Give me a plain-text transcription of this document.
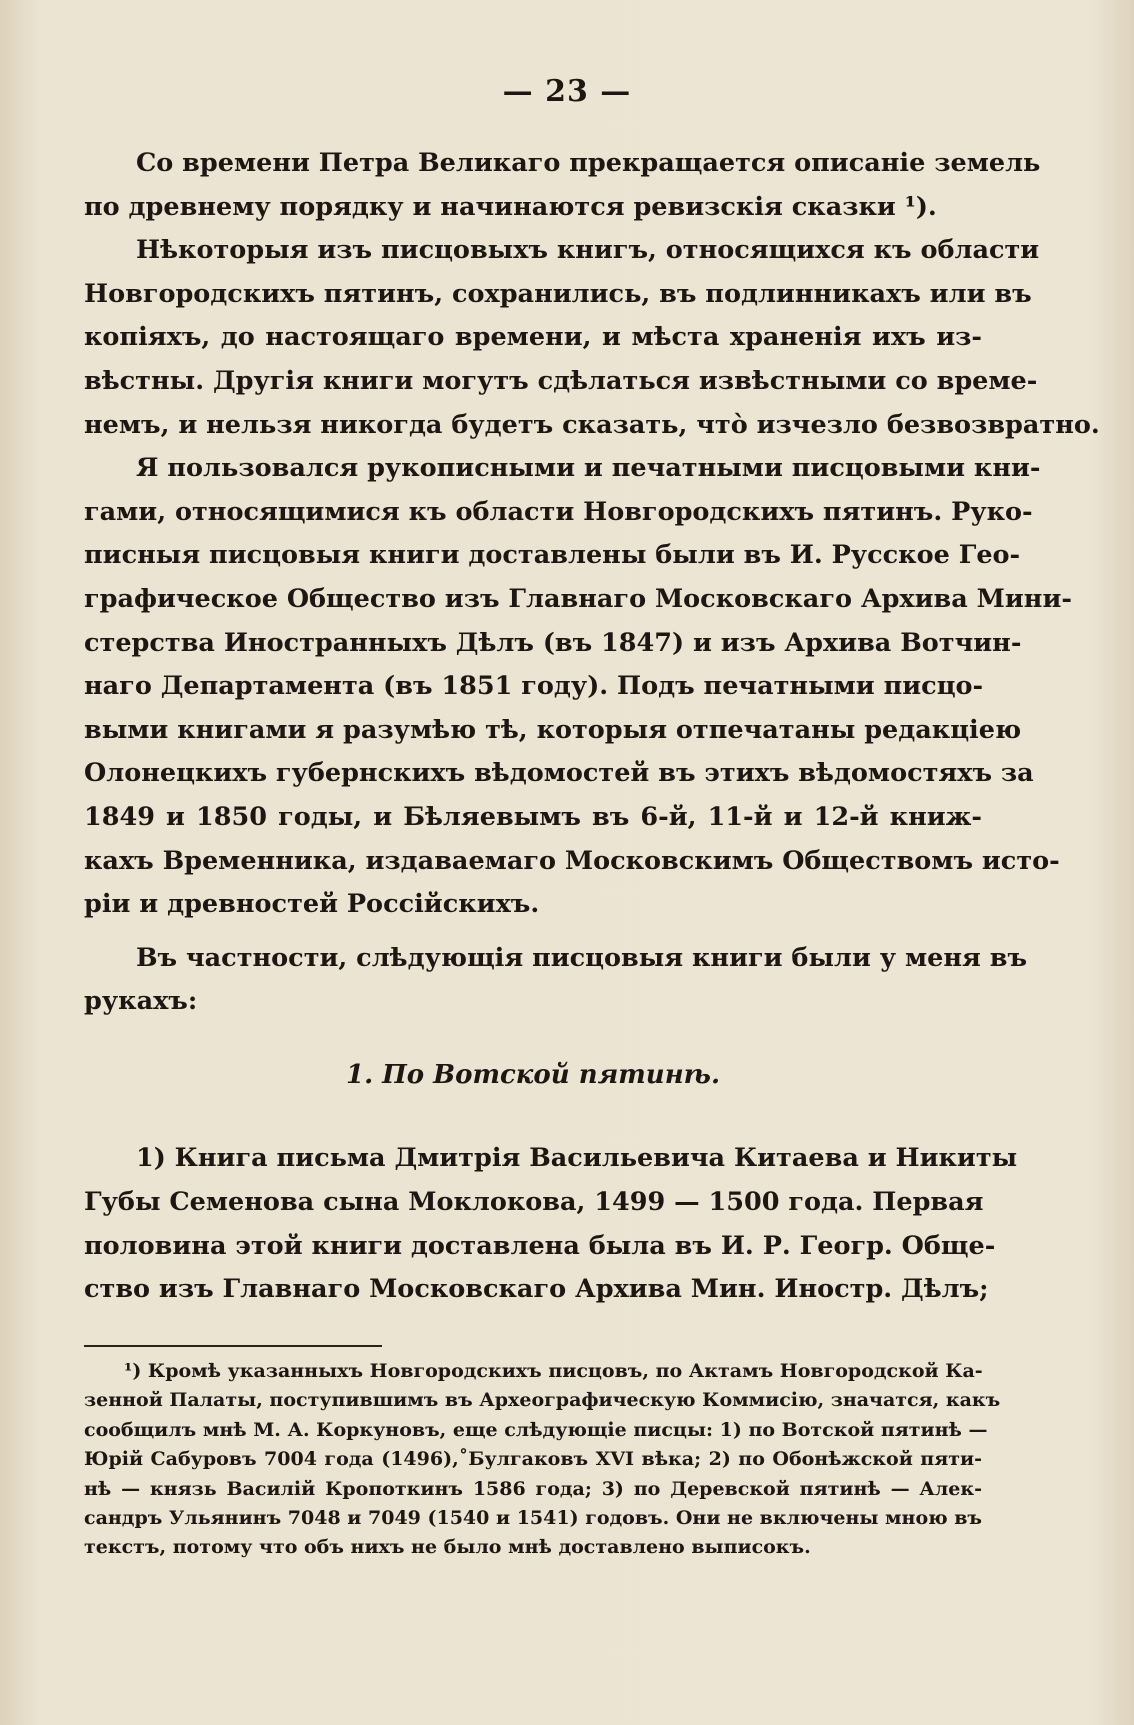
— 23 —
Со времени Петра Великаго прекращается описаніе земель
по древнему порядку и начинаются ревизскія сказки ¹).
Нѣкоторыя изъ писцовыхъ книгъ, относящихся къ области
Новгородскихъ пятинъ, сохранились, въ подлинникахъ или въ
копіяхъ, до настоящаго времени, и мѣста храненія ихъ из-
вѣстны. Другія книги могутъ сдѣлаться извѣстными со време-
немъ, и нельзя никогда будетъ сказать, что̀ изчезло безвозвратно.
Я пользовался рукописными и печатными писцовыми кни-
гами, относящимися къ области Новгородскихъ пятинъ. Руко-
писныя писцовыя книги доставлены были въ И. Русское Гео-
графическое Общество изъ Главнаго Московскаго Архива Мини-
стерства Иностранныхъ Дѣлъ (въ 1847) и изъ Архива Вотчин-
наго Департамента (въ 1851 году). Подъ печатными писцо-
выми книгами я разумѣю тѣ, которыя отпечатаны редакціею
Олонецкихъ губернскихъ вѣдомостей въ этихъ вѣдомостяхъ за
1849 и 1850 годы, и Бѣляевымъ въ 6-й, 11-й и 12-й книж-
кахъ Временника, издаваемаго Московскимъ Обществомъ исто-
ріи и древностей Россійскихъ.
Въ частности, слѣдующія писцовыя книги были у меня въ
рукахъ:
1. По Вотской пятинѣ.
1) Книга письма Дмитрія Васильевича Китаева и Никиты
Губы Семенова сына Моклокова, 1499 — 1500 года. Первая
половина этой книги доставлена была въ И. Р. Геогр. Обще-
ство изъ Главнаго Московскаго Архива Мин. Иностр. Дѣлъ;
¹) Кромѣ указанныхъ Новгородскихъ писцовъ, по Актамъ Новгородской Ка-
зенной Палаты, поступившимъ въ Археографическую Коммисію, значатся, какъ
сообщилъ мнѣ М. А. Коркуновъ, еще слѣдующіе писцы: 1) по Вотской пятинѣ —
Юрій Сабуровъ 7004 года (1496),˚Булгаковъ XVI вѣка; 2) по Обонѣжской пяти-
нѣ — князь Василій Кропоткинъ 1586 года; 3) по Деревской пятинѣ — Алек-
сандръ Ульянинъ 7048 и 7049 (1540 и 1541) годовъ. Они не включены мною въ
текстъ, потому что объ нихъ не было мнѣ доставлено выписокъ.
